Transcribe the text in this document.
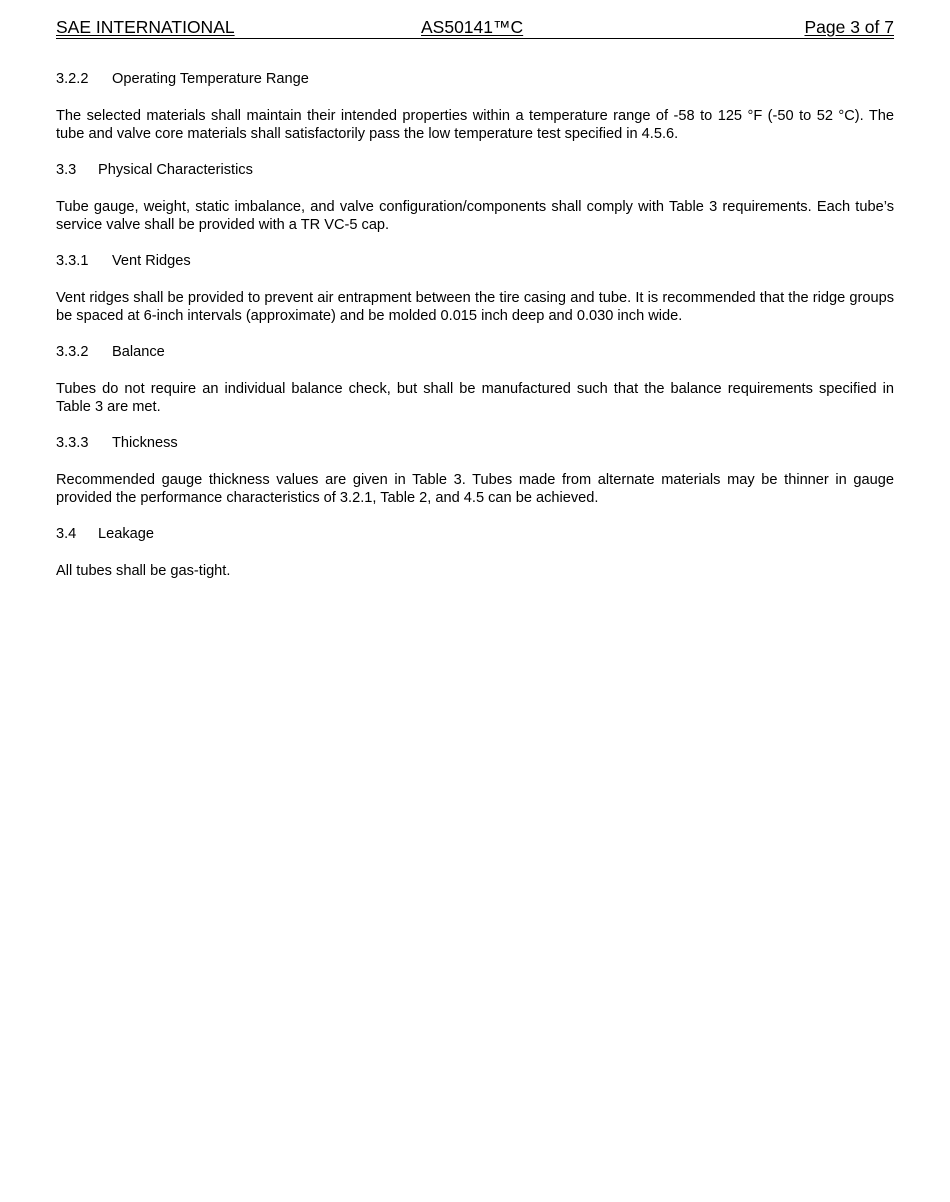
SAE INTERNATIONAL	AS50141™C	Page 3 of 7

3.2.2 Operating Temperature Range

The selected materials shall maintain their intended properties within a temperature range of -58 to 125 °F (-50 to 52 °C). The tube and valve core materials shall satisfactorily pass the low temperature test specified in 4.5.6.

3.3 Physical Characteristics

Tube gauge, weight, static imbalance, and valve configuration/components shall comply with Table 3 requirements. Each tube’s service valve shall be provided with a TR VC-5 cap.

3.3.1 Vent Ridges

Vent ridges shall be provided to prevent air entrapment between the tire casing and tube. It is recommended that the ridge groups be spaced at 6-inch intervals (approximate) and be molded 0.015 inch deep and 0.030 inch wide.

3.3.2 Balance

Tubes do not require an individual balance check, but shall be manufactured such that the balance requirements specified in Table 3 are met.

3.3.3 Thickness

Recommended gauge thickness values are given in Table 3. Tubes made from alternate materials may be thinner in gauge provided the performance characteristics of 3.2.1, Table 2, and 4.5 can be achieved.

3.4 Leakage

All tubes shall be gas-tight.
